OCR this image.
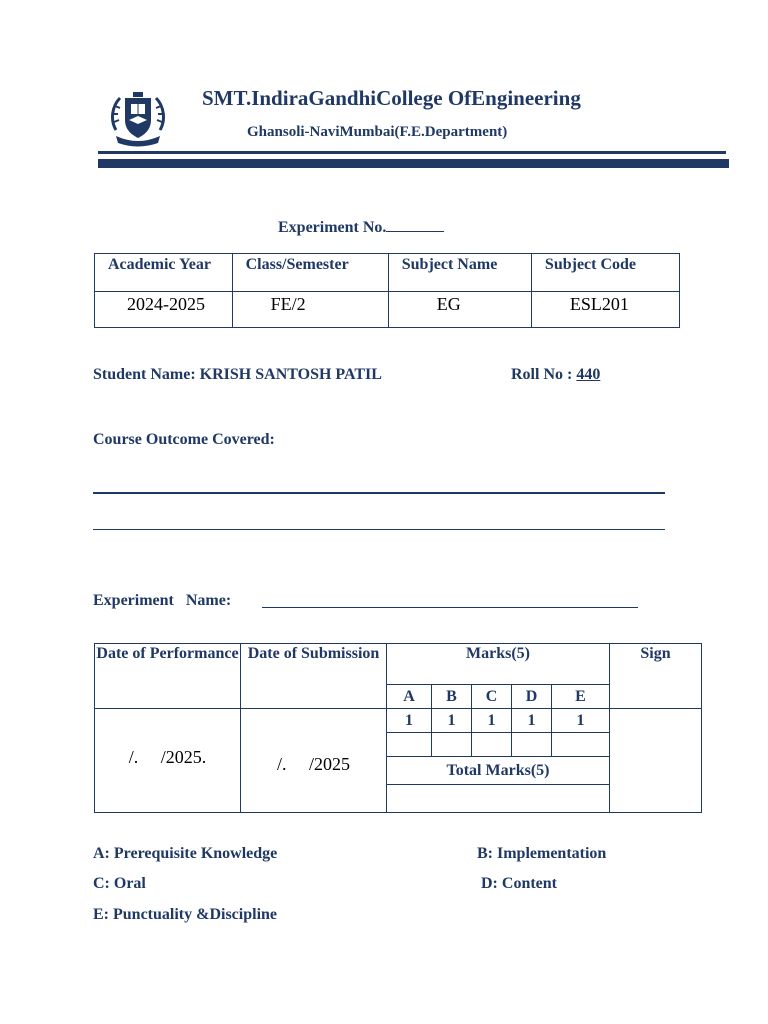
SMT.IndiraGandhiCollege OfEngineering
Ghansoli-NaviMumbai(F.E.Department)
Experiment No.
Academic Year	Class/Semester	Subject Name	Subject Code
2024-2025	FE/2	EG	ESL201
Student Name: KRISH SANTOSH PATIL	Roll No : 440
Course Outcome Covered:
Experiment   Name:
Date of Performance	Date of Submission	Marks(5)					Sign
		A	B	C	D	E	
/.     /2025.	/.     /2025	1	1	1	1	1	

		Total Marks(5)					

A: Prerequisite Knowledge	B: Implementation
C: Oral	D: Content
E: Punctuality &Discipline
